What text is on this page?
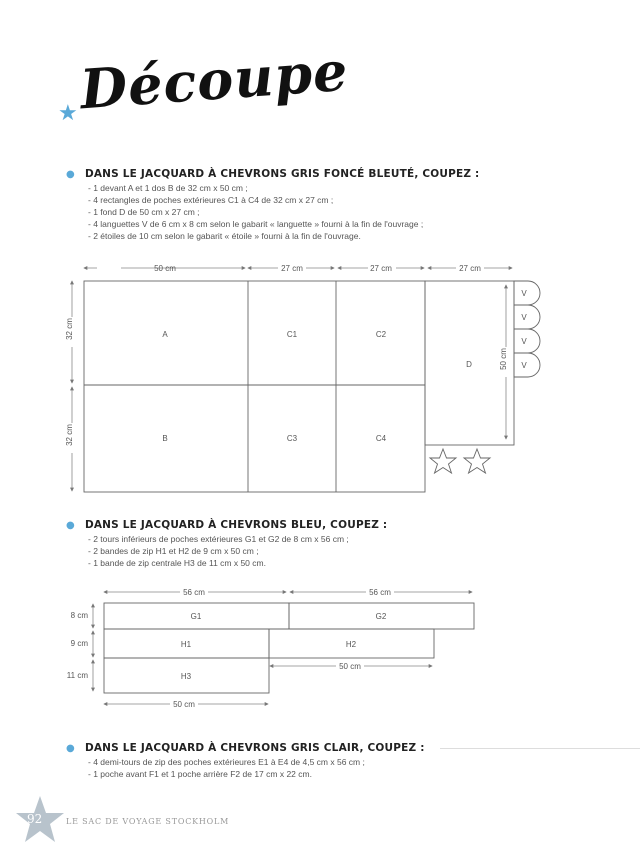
Découpe
★
● DANS LE JACQUARD À CHEVRONS GRIS FONCÉ BLEUTÉ, COUPEZ :
- 1 devant A et 1 dos B de 32 cm x 50 cm ;
- 4 rectangles de poches extérieures C1 à C4 de 32 cm x 27 cm ;
- 1 fond D de 50 cm x 27 cm ;
- 4 languettes V de 6 cm x 8 cm selon le gabarit « languette » fourni à la fin de l'ouvrage ;
- 2 étoiles de 10 cm selon le gabarit « étoile » fourni à la fin de l'ouvrage.
50 cm	27 cm	27 cm	27 cm
32 cm
32 cm
50 cm
A	C1	C2
B	C3	C4
D
V
V
V
V
● DANS LE JACQUARD À CHEVRONS BLEU, COUPEZ :
- 2 tours inférieurs de poches extérieures G1 et G2 de 8 cm x 56 cm ;
- 2 bandes de zip H1 et H2 de 9 cm x 50 cm ;
- 1 bande de zip centrale H3 de 11 cm x 50 cm.
56 cm	56 cm
8 cm
9 cm
11 cm
50 cm
50 cm
G1	G2
H1	H2
H3
● DANS LE JACQUARD À CHEVRONS GRIS CLAIR, COUPEZ :
- 4 demi-tours de zip des poches extérieures E1 à E4 de 4,5 cm x 56 cm ;
- 1 poche avant F1 et 1 poche arrière F2 de 17 cm x 22 cm.
92	LE SAC DE VOYAGE STOCKHOLM
